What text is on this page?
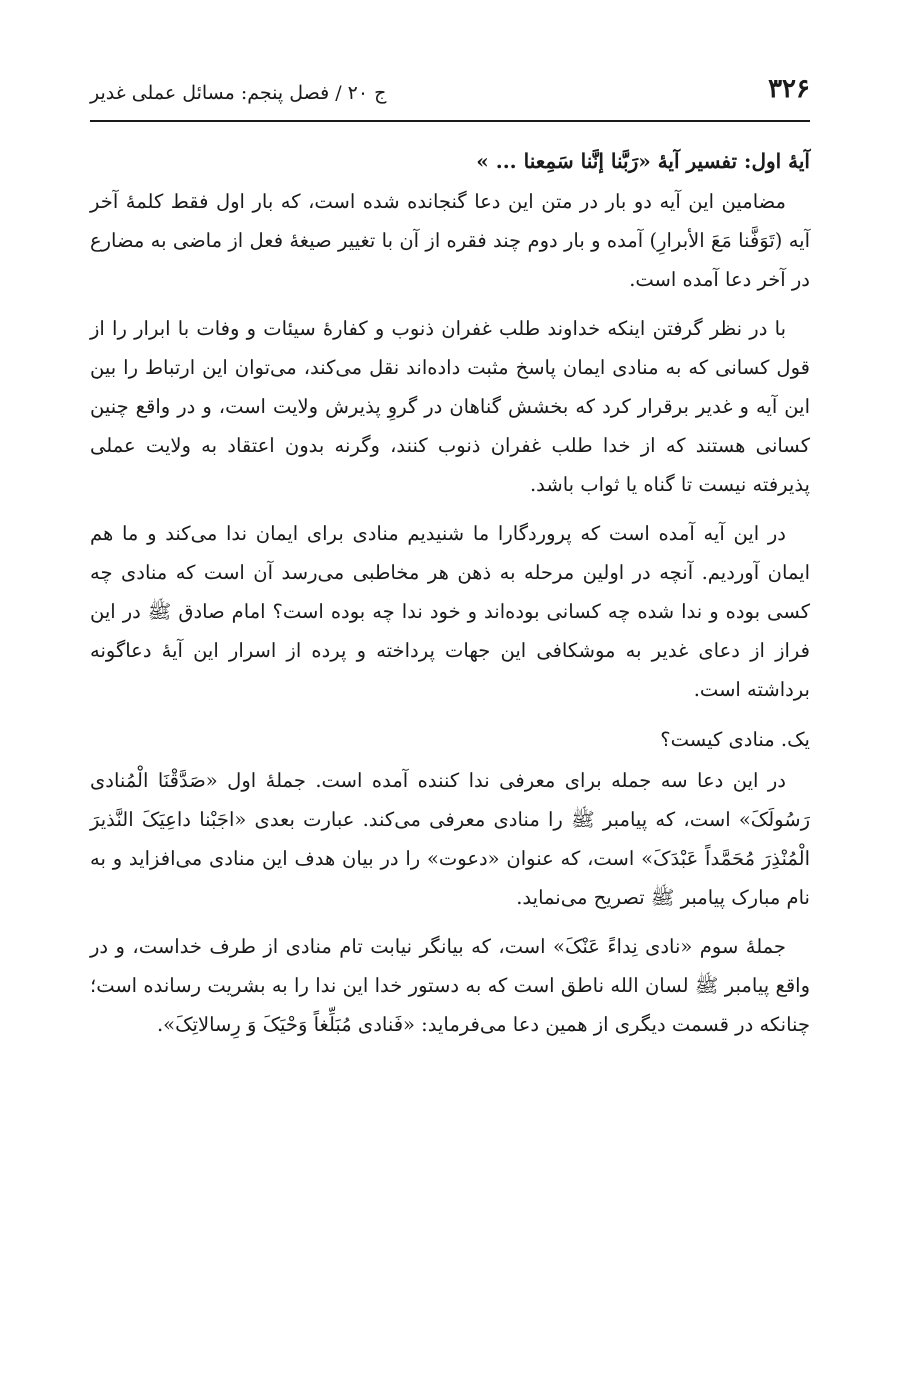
۳۲۶
ج ۲۰ / فصل پنجم: مسائل عملی غدیر

آیهٔ اول: تفسیر آیهٔ «رَبَّنا إنَّنا سَمِعنا ... »

مضامین این آیه دو بار در متن این دعا گنجانده شده است، که بار اول فقط کلمهٔ آخر آیه (تَوَفَّنا مَعَ الأبرارِ) آمده و بار دوم چند فقره از آن با تغییر صیغهٔ فعل از ماضی به مضارع در آخر دعا آمده است.

با در نظر گرفتن اینکه خداوند طلب غفران ذنوب و کفارهٔ سیئات و وفات با ابرار را از قول کسانی که به منادی ایمان پاسخ مثبت داده‌اند نقل می‌کند، می‌توان این ارتباط را بین این آیه و غدیر برقرار کرد که بخشش گناهان در گروِ پذیرش ولایت است، و در واقع چنین کسانی هستند که از خدا طلب غفران ذنوب کنند، وگرنه بدون اعتقاد به ولایت عملی پذیرفته نیست تا گناه یا ثواب باشد.

در این آیه آمده است که پروردگارا ما شنیدیم منادی برای ایمان ندا می‌کند و ما هم ایمان آوردیم. آنچه در اولین مرحله به ذهن هر مخاطبی می‌رسد آن است که منادی چه کسی بوده و ندا شده چه کسانی بوده‌اند و خود ندا چه بوده است؟ امام صادق ﷺ در این فراز از دعای غدیر به موشکافی این جهات پرداخته و پرده از اسرار این آیهٔ دعاگونه برداشته است.

یک. منادی کیست؟

در این دعا سه جمله برای معرفی ندا کننده آمده است. جملهٔ اول «صَدَّقْنَا الْمُنادی رَسُولَکَ» است، که پیامبر ﷺ را منادی معرفی می‌کند. عبارت بعدی «اجَبْنا داعِیَکَ النَّذیرَ الْمُنْذِرَ مُحَمَّداً عَبْدَکَ» است، که عنوان «دعوت» را در بیان هدف این منادی می‌افزاید و به نام مبارک پیامبر ﷺ تصریح می‌نماید.

جملهٔ سوم «نادی نِداءً عَنْکَ» است، که بیانگر نیابت تام منادی از طرف خداست، و در واقع پیامبر ﷺ لسان الله ناطق است که به دستور خدا این ندا را به بشریت رسانده است؛ چنانکه در قسمت دیگری از همین دعا می‌فرماید: «فَنادی مُبَلِّغاً وَحْیَکَ وَ رِسالاتِکَ».
